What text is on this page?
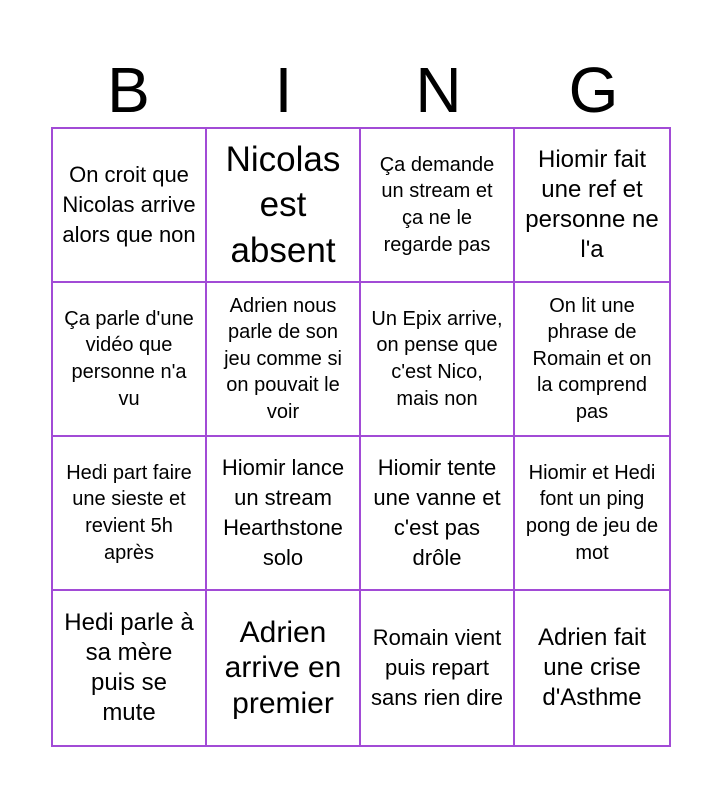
B	I	N	G
On croit que Nicolas arrive alors que non
Nicolas est absent
Ça demande un stream et ça ne le regarde pas
Hiomir fait une ref et personne ne l'a
Ça parle d'une vidéo que personne n'a vu
Adrien nous parle de son jeu comme si on pouvait le voir
Un Epix arrive, on pense que c'est Nico, mais non
On lit une phrase de Romain et on la comprend pas
Hedi part faire une sieste et revient 5h après
Hiomir lance un stream Hearthstone solo
Hiomir tente une vanne et c'est pas drôle
Hiomir et Hedi font un ping pong de jeu de mot
Hedi parle à sa mère puis se mute
Adrien arrive en premier
Romain vient puis repart sans rien dire
Adrien fait une crise d'Asthme
